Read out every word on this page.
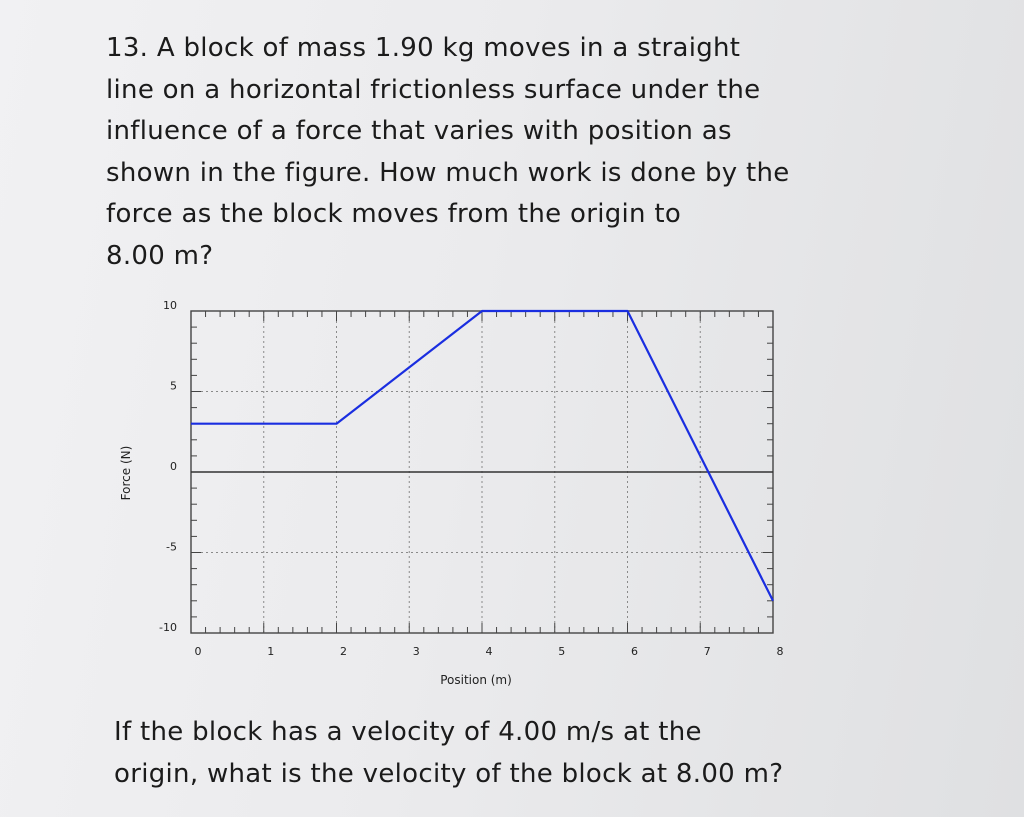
13. A block of mass 1.90 kg moves in a straight
line on a horizontal frictionless surface under the
influence of a force that varies with position as
shown in the figure. How much work is done by the
force as the block moves from the origin to
8.00 m?
10
5
0
-5
-10
0	1	2	3	4	5	6	7	8
Force (N)
Position (m)
If the block has a velocity of 4.00 m/s at the
origin, what is the velocity of the block at 8.00 m?
